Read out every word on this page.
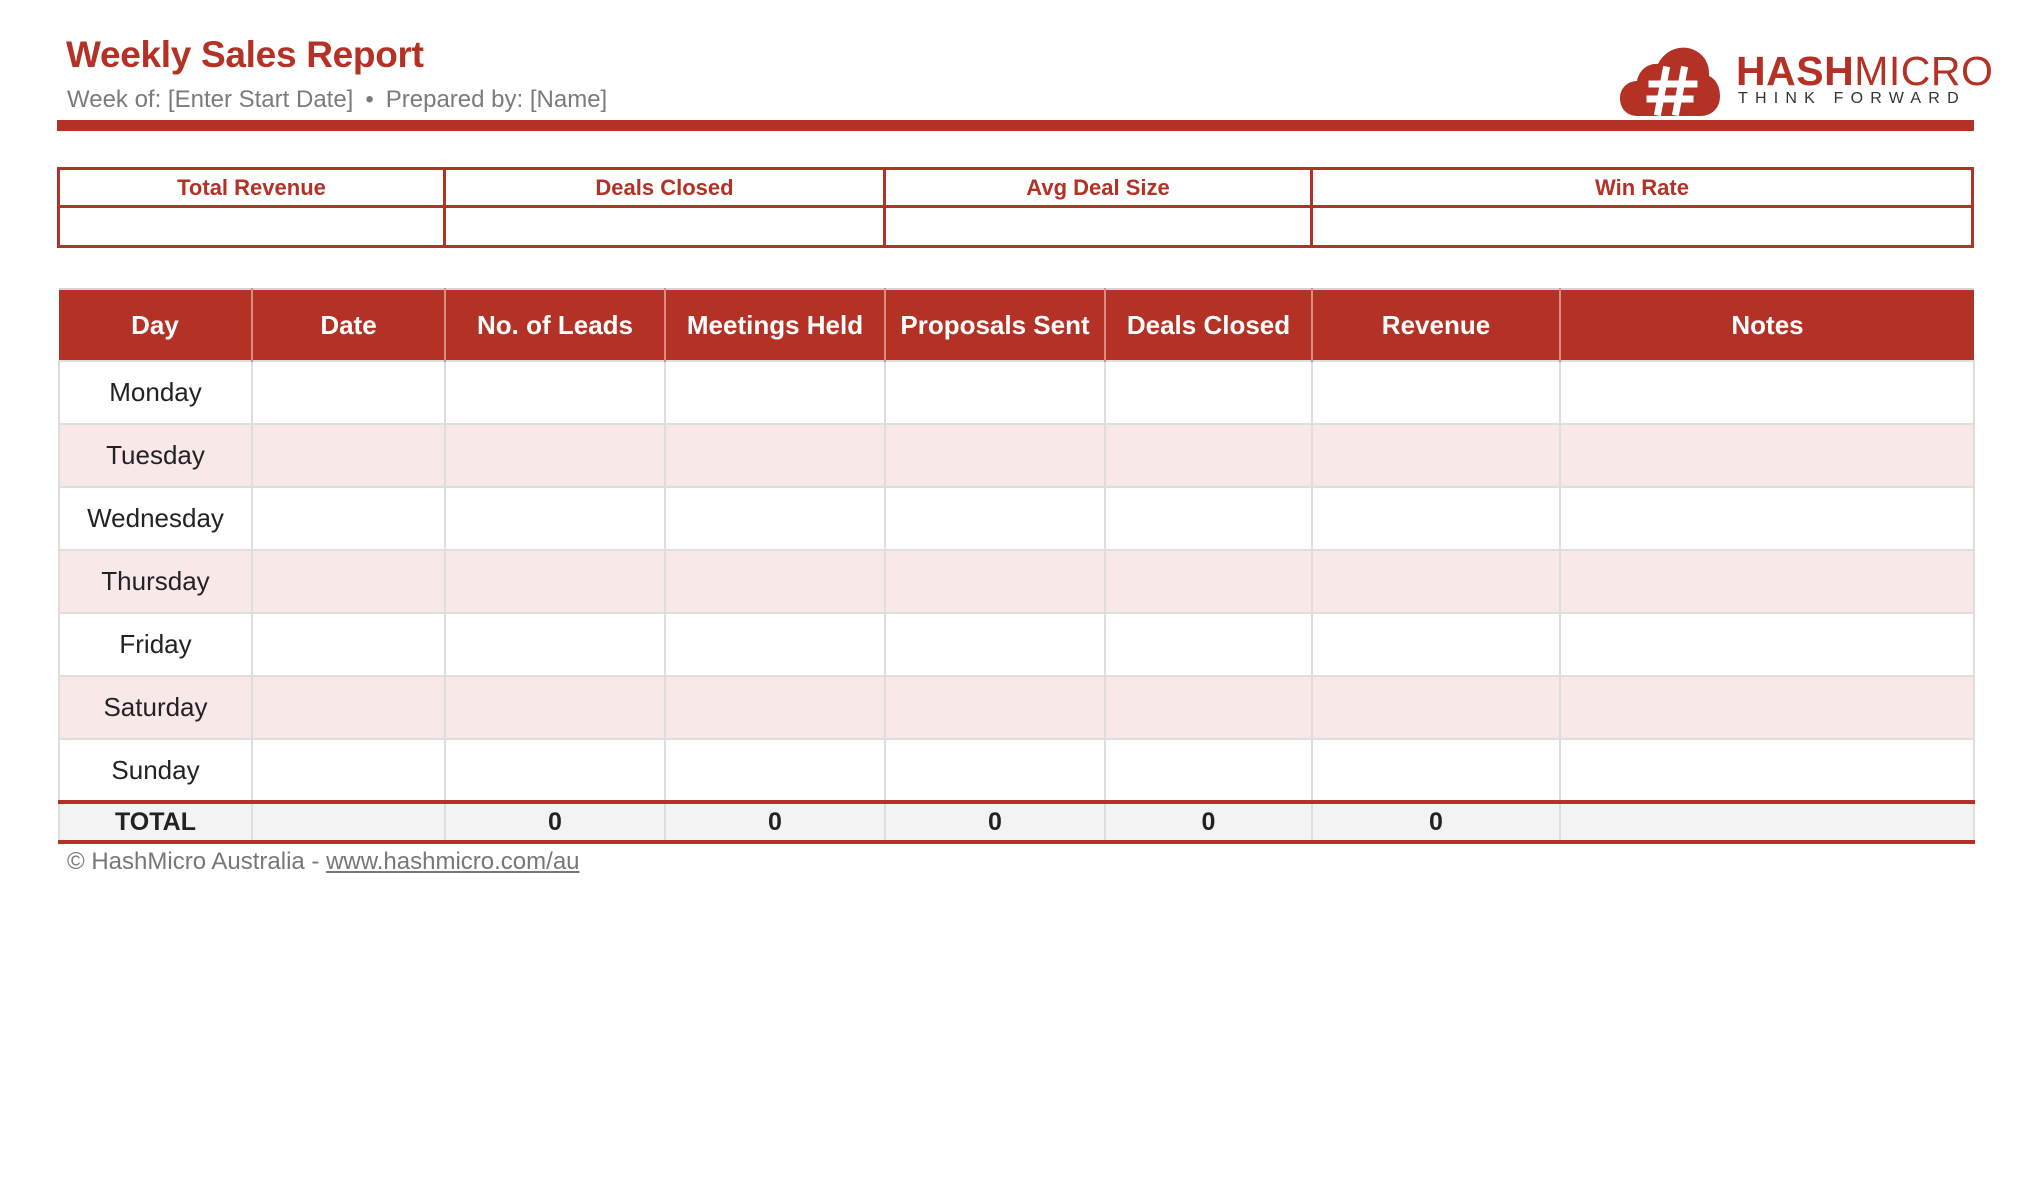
Weekly Sales Report
Week of: [Enter Start Date] • Prepared by: [Name]
HASHMICRO
THINK FORWARD
Total Revenue	Deals Closed	Avg Deal Size	Win Rate
Day	Date	No. of Leads	Meetings Held	Proposals Sent	Deals Closed	Revenue	Notes
Monday							
Tuesday							
Wednesday							
Thursday							
Friday							
Saturday							
Sunday							
TOTAL		0	0	0	0	0	
© HashMicro Australia - www.hashmicro.com/au
